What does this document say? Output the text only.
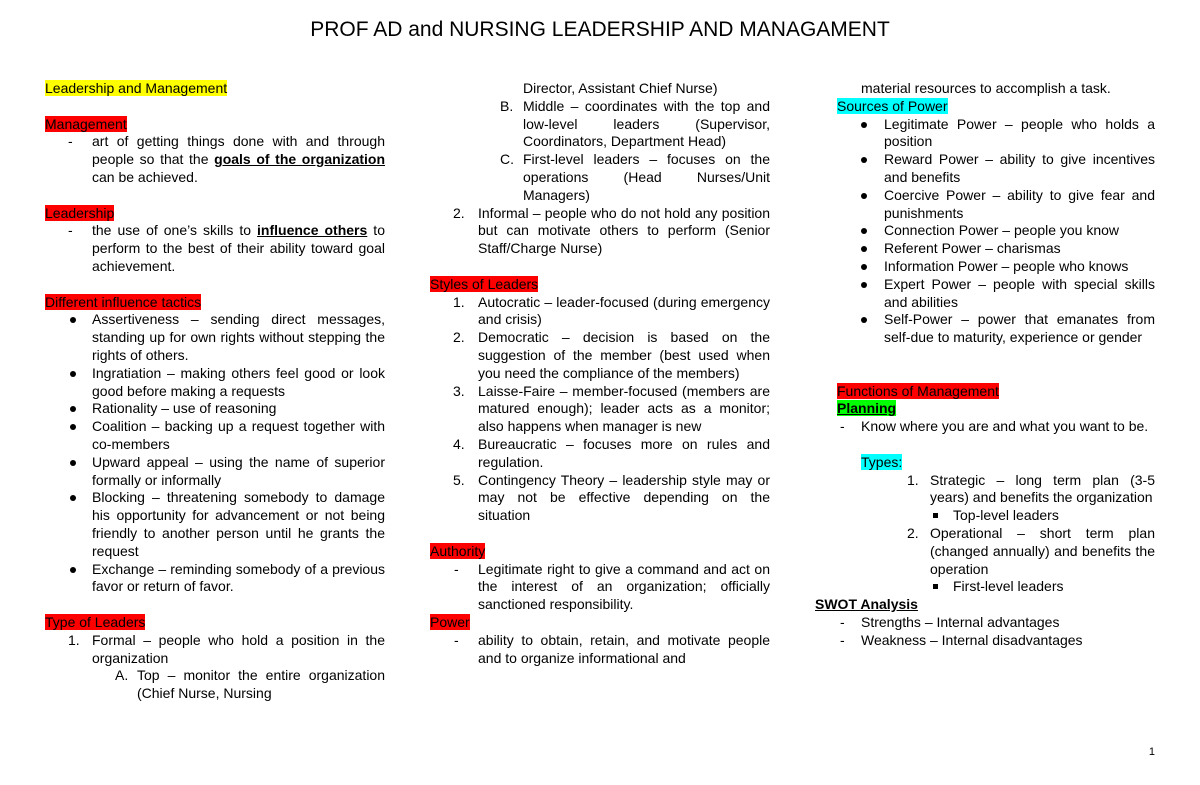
PROF AD and NURSING LEADERSHIP AND MANAGAMENT
Leadership and Management
Management
- art of getting things done with and through people so that the goals of the organization can be achieved.
Leadership
- the use of one’s skills to influence others to perform to the best of their ability toward goal achievement.
Different influence tactics
Assertiveness – sending direct messages, standing up for own rights without stepping the rights of others.
Ingratiation – making others feel good or look good before making a requests
Rationality – use of reasoning
Coalition – backing up a request together with co-members
Upward appeal – using the name of superior formally or informally
Blocking – threatening somebody to damage his opportunity for advancement or not being friendly to another person until he grants the request
Exchange – reminding somebody of a previous favor or return of favor.
Type of Leaders
1. Formal – people who hold a position in the organization
A. Top – monitor the entire organization (Chief Nurse, Nursing
Director, Assistant Chief Nurse)
B. Middle – coordinates with the top and low-level leaders (Supervisor, Coordinators, Department Head)
C. First-level leaders – focuses on the operations (Head Nurses/Unit Managers)
2. Informal – people who do not hold any position but can motivate others to perform (Senior Staff/Charge Nurse)
Styles of Leaders
1. Autocratic – leader-focused (during emergency and crisis)
2. Democratic – decision is based on the suggestion of the member (best used when you need the compliance of the members)
3. Laisse-Faire – member-focused (members are matured enough); leader acts as a monitor; also happens when manager is new
4. Bureaucratic – focuses more on rules and regulation.
5. Contingency Theory – leadership style may or may not be effective depending on the situation
Authority
- Legitimate right to give a command and act on the interest of an organization; officially sanctioned responsibility.
Power
- ability to obtain, retain, and motivate people and to organize informational and
material resources to accomplish a task.
Sources of Power
Legitimate Power – people who holds a position
Reward Power – ability to give incentives and benefits
Coercive Power – ability to give fear and punishments
Connection Power – people you know
Referent Power – charismas
Information Power – people who knows
Expert Power – people with special skills and abilities
Self-Power – power that emanates from self-due to maturity, experience or gender
Functions of Management
Planning
- Know where you are and what you want to be.
Types:
1. Strategic – long term plan (3-5 years) and benefits the organization
Top-level leaders
2. Operational – short term plan (changed annually) and benefits the operation
First-level leaders
SWOT Analysis
- Strengths – Internal advantages
- Weakness – Internal disadvantages
1
